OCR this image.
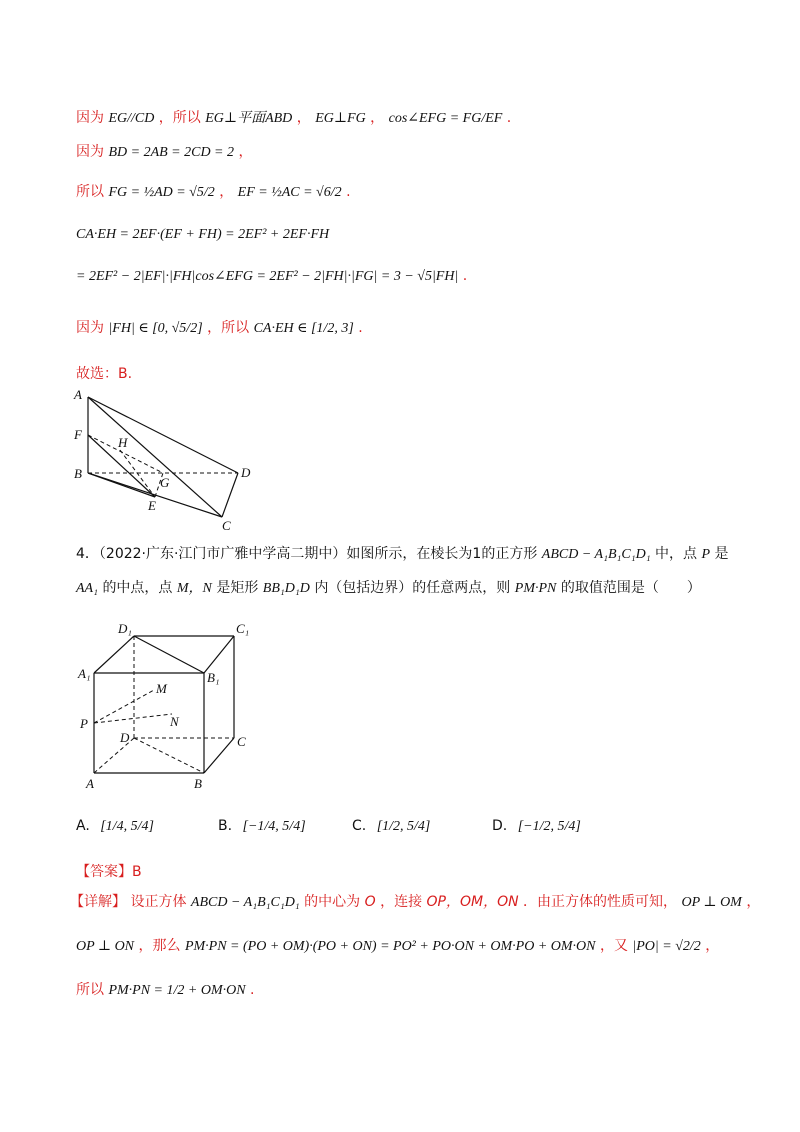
因为 EG//CD ，所以 EG⊥平面ABD ， EG⊥FG ， cos∠EFG = FG/EF .
因为 BD = 2AB = 2CD = 2 ，
所以 FG = ½AD = √5/2 ， EF = ½AC = √6/2 .
CA·EH = 2EF·(EF + FH) = 2EF² + 2EF·FH
= 2EF² − 2|EF|·|FH|cos∠EFG = 2EF² − 2|FH|·|FG| = 3 − √5|FH| .
因为 |FH| ∈ [0, √5/2] ，所以 CA·EH ∈ [1/2, 3] .
故选：B.
A
F
H
B
G
D
E
C
4．（2022·广东·江门市广雅中学高二期中）如图所示，在棱长为1的正方形 ABCD − A₁B₁C₁D₁ 中，点 P 是
AA₁ 的中点，点 M，N 是矩形 BB₁D₁D 内（包括边界）的任意两点，则 PM·PN 的取值范围是（　　）
D₁	C₁
A₁	B₁
M
P	N
D	C
A	B
A. [1/4, 5/4]	B. [−1/4, 5/4]	C. [1/2, 5/4]	D. [−1/2, 5/4]
【答案】B
【详解】 设正方体 ABCD − A₁B₁C₁D₁ 的中心为 O ，连接 OP，OM，ON ．由正方体的性质可知， OP ⊥ OM ，
OP ⊥ ON ，那么 PM·PN = (PO + OM)·(PO + ON) = PO² + PO·ON + OM·PO + OM·ON ，又 |PO| = √2/2 ，
所以 PM·PN = 1/2 + OM·ON .
